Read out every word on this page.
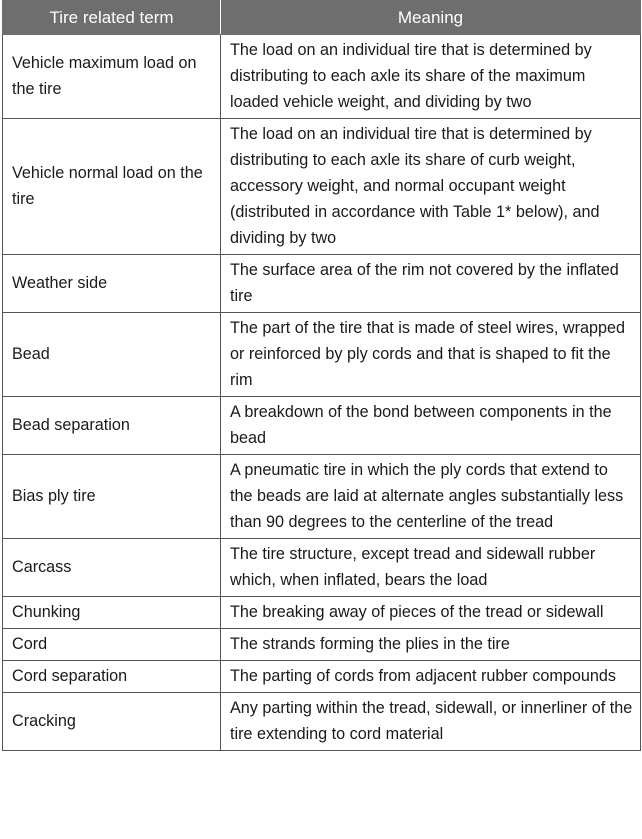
Tire related term	Meaning
Vehicle maximum load on the tire	The load on an individual tire that is determined by distributing to each axle its share of the maximum loaded vehicle weight, and dividing by two
Vehicle normal load on the tire	The load on an individual tire that is determined by distributing to each axle its share of curb weight, accessory weight, and normal occupant weight (distributed in accordance with Table 1* below), and dividing by two
Weather side	The surface area of the rim not covered by the inflated tire
Bead	The part of the tire that is made of steel wires, wrapped or reinforced by ply cords and that is shaped to fit the rim
Bead separation	A breakdown of the bond between components in the bead
Bias ply tire	A pneumatic tire in which the ply cords that extend to the beads are laid at alternate angles substantially less than 90 degrees to the centerline of the tread
Carcass	The tire structure, except tread and sidewall rubber which, when inflated, bears the load
Chunking	The breaking away of pieces of the tread or sidewall
Cord	The strands forming the plies in the tire
Cord separation	The parting of cords from adjacent rubber compounds
Cracking	Any parting within the tread, sidewall, or innerliner of the tire extending to cord material
